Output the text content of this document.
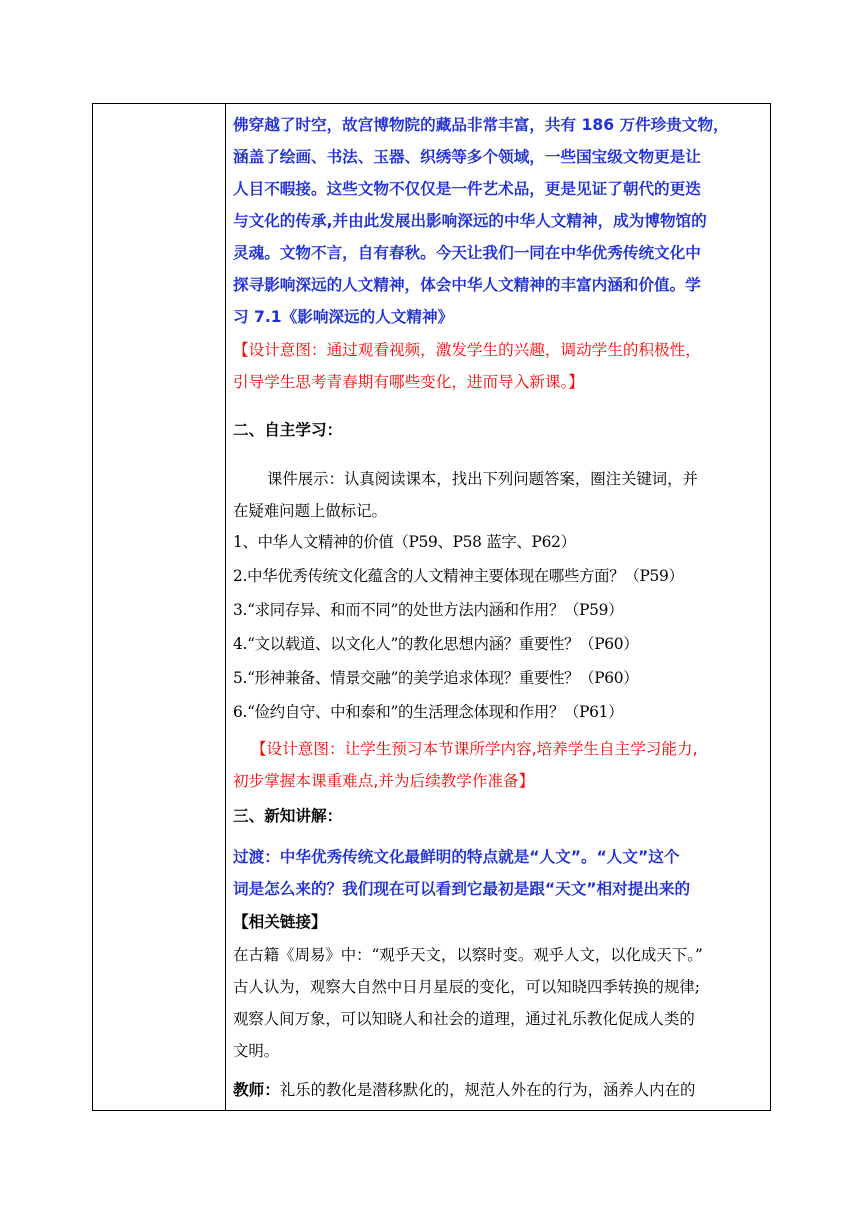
佛穿越了时空，故宫博物院的藏品非常丰富，共有 186 万件珍贵文物，
涵盖了绘画、书法、玉器、织绣等多个领域，一些国宝级文物更是让
人目不暇接。这些文物不仅仅是一件艺术品，更是见证了朝代的更迭
与文化的传承,并由此发展出影响深远的中华人文精神，成为博物馆的
灵魂。文物不言，自有春秋。今天让我们一同在中华优秀传统文化中
探寻影响深远的人文精神，体会中华人文精神的丰富内涵和价值。学
习 7.1《影响深远的人文精神》
【设计意图：通过观看视频，激发学生的兴趣，调动学生的积极性，
引导学生思考青春期有哪些变化，进而导入新课。】
二、自主学习：
课件展示：认真阅读课本，找出下列问题答案，圈注关键词，并
在疑难问题上做标记。
1、中华人文精神的价值（P59、P58 蓝字、P62）
2.中华优秀传统文化蕴含的人文精神主要体现在哪些方面？（P59）
3.“求同存异、和而不同”的处世方法内涵和作用？（P59）
4.“文以载道、以文化人”的教化思想内涵？重要性？（P60）
5.“形神兼备、情景交融”的美学追求体现？重要性？（P60）
6.“俭约自守、中和泰和”的生活理念体现和作用？（P61）
【设计意图：让学生预习本节课所学内容,培养学生自主学习能力,
初步掌握本课重难点,并为后续教学作准备】
三、新知讲解：
过渡：中华优秀传统文化最鲜明的特点就是“人文”。“人文”这个
词是怎么来的？我们现在可以看到它最初是跟“天文”相对提出来的
【相关链接】
在古籍《周易》中：“观乎天文，以察时变。观乎人文，以化成天下。”
古人认为，观察大自然中日月星辰的变化，可以知晓四季转换的规律;
观察人间万象，可以知晓人和社会的道理，通过礼乐教化促成人类的
文明。
教师：礼乐的教化是潜移默化的，规范人外在的行为，涵养人内在的
